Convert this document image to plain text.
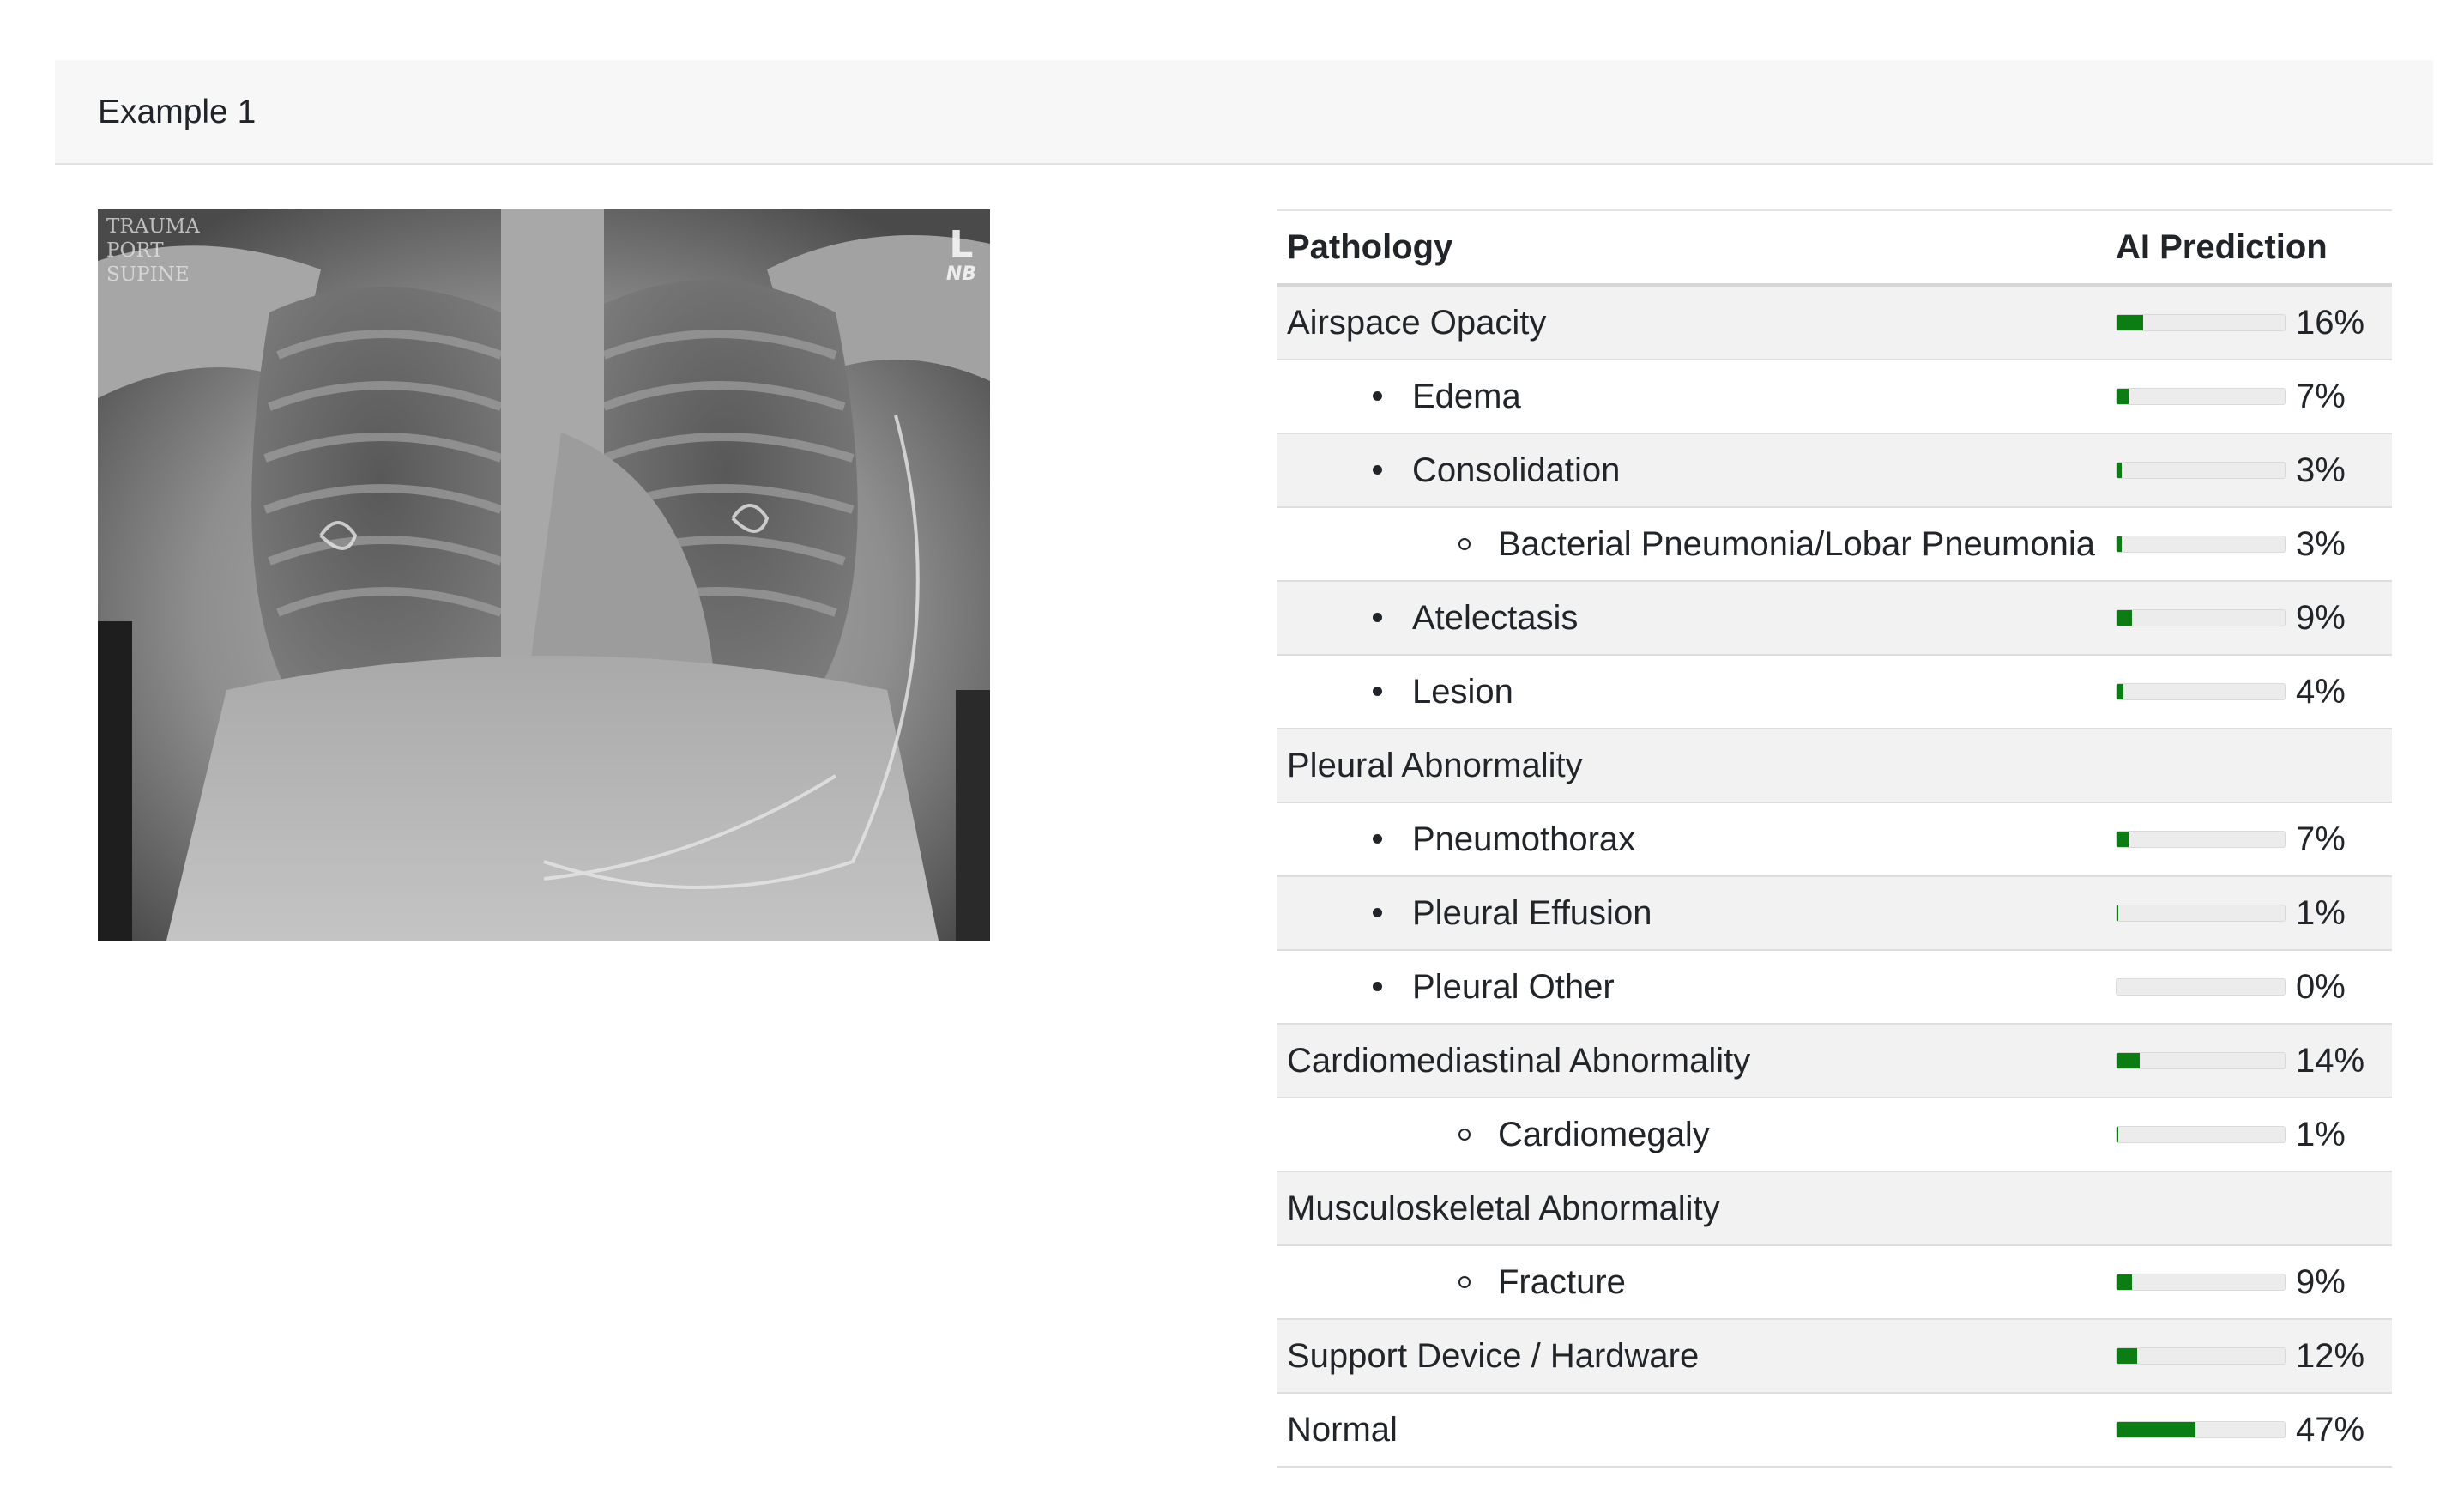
Example 1
TRAUMA
PORT
SUPINE
L
NB
Pathology	AI Prediction
Airspace Opacity	16%
Edema	7%
Consolidation	3%
Bacterial Pneumonia/Lobar Pneumonia	3%
Atelectasis	9%
Lesion	4%
Pleural Abnormality
Pneumothorax	7%
Pleural Effusion	1%
Pleural Other	0%
Cardiomediastinal Abnormality	14%
Cardiomegaly	1%
Musculoskeletal Abnormality
Fracture	9%
Support Device / Hardware	12%
Normal	47%
